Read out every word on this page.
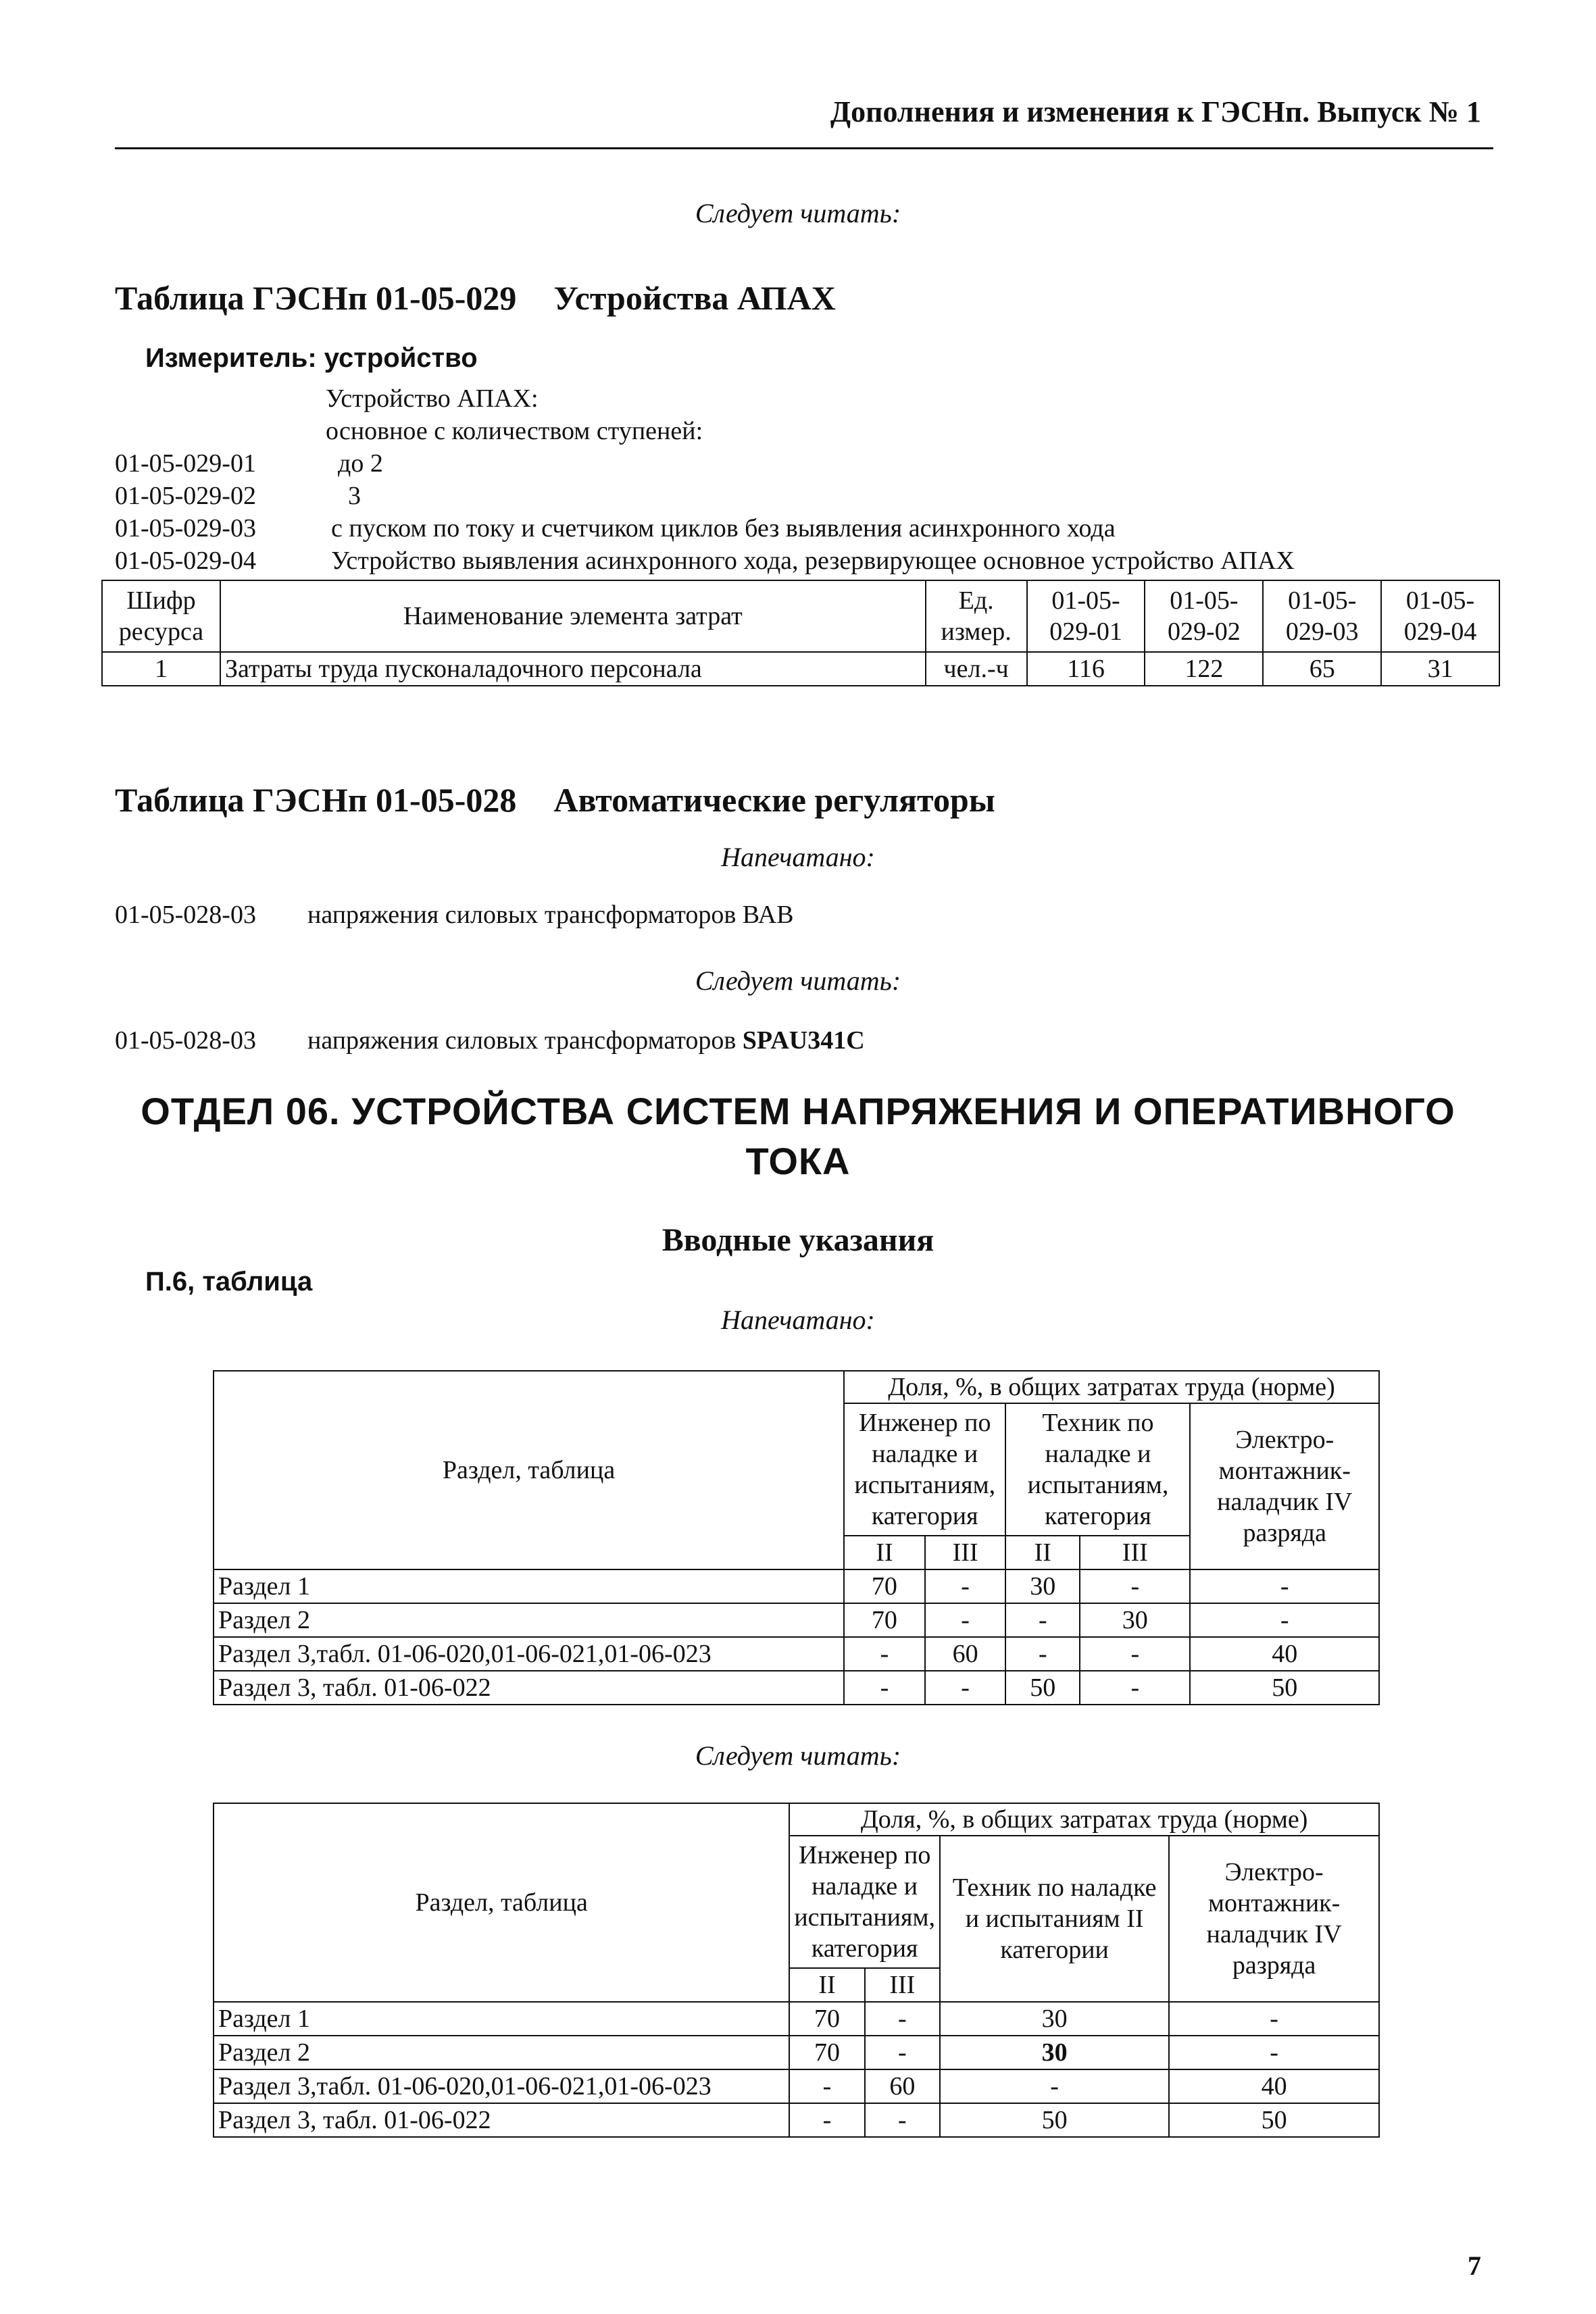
Дополнения и изменения к ГЭСНп. Выпуск № 1
Следует читать:
Таблица ГЭСНп 01-05-029 Устройства АПАХ
Измеритель: устройство
Устройство АПАХ:
основное с количеством ступеней:
01-05-029-01	до 2
01-05-029-02	3
01-05-029-03	с пуском по току и счетчиком циклов без выявления асинхронного хода
01-05-029-04	Устройство выявления асинхронного хода, резервирующее основное устройство АПАХ
Шифр ресурса	Наименование элемента затрат	Ед. измер.	01-05-029-01	01-05-029-02	01-05-029-03	01-05-029-04
1	Затраты труда пусконаладочного персонала	чел.-ч	116	122	65	31
Таблица ГЭСНп 01-05-028 Автоматические регуляторы
Напечатано:
01-05-028-03 напряжения силовых трансформаторов ВАВ
Следует читать:
01-05-028-03 напряжения силовых трансформаторов SPAU341C
ОТДЕЛ 06. УСТРОЙСТВА СИСТЕМ НАПРЯЖЕНИЯ И ОПЕРАТИВНОГО
ТОКА
Вводные указания
П.6, таблица
Напечатано:
Раздел, таблица	Доля, %, в общих затратах труда (норме)				
	Инженер по наладке и испытаниям, категория		Техник по наладке и испытаниям, категория		Электро-монтажник-наладчик IV разряда
	II	III	II	III	
Раздел 1	70	-	30	-	-
Раздел 2	70	-	-	30	-
Раздел 3,табл. 01-06-020,01-06-021,01-06-023	-	60	-	-	40
Раздел 3, табл. 01-06-022	-	-	50	-	50
Следует читать:
Раздел, таблица	Доля, %, в общих затратах труда (норме)			
	Инженер по наладке и испытаниям, категория		Техник по наладке и испытаниям II категории	Электро-монтажник-наладчик IV разряда
	II	III		
Раздел 1	70	-	30	-
Раздел 2	70	-	30	-
Раздел 3,табл. 01-06-020,01-06-021,01-06-023	-	60	-	40
Раздел 3, табл. 01-06-022	-	-	50	50
7
